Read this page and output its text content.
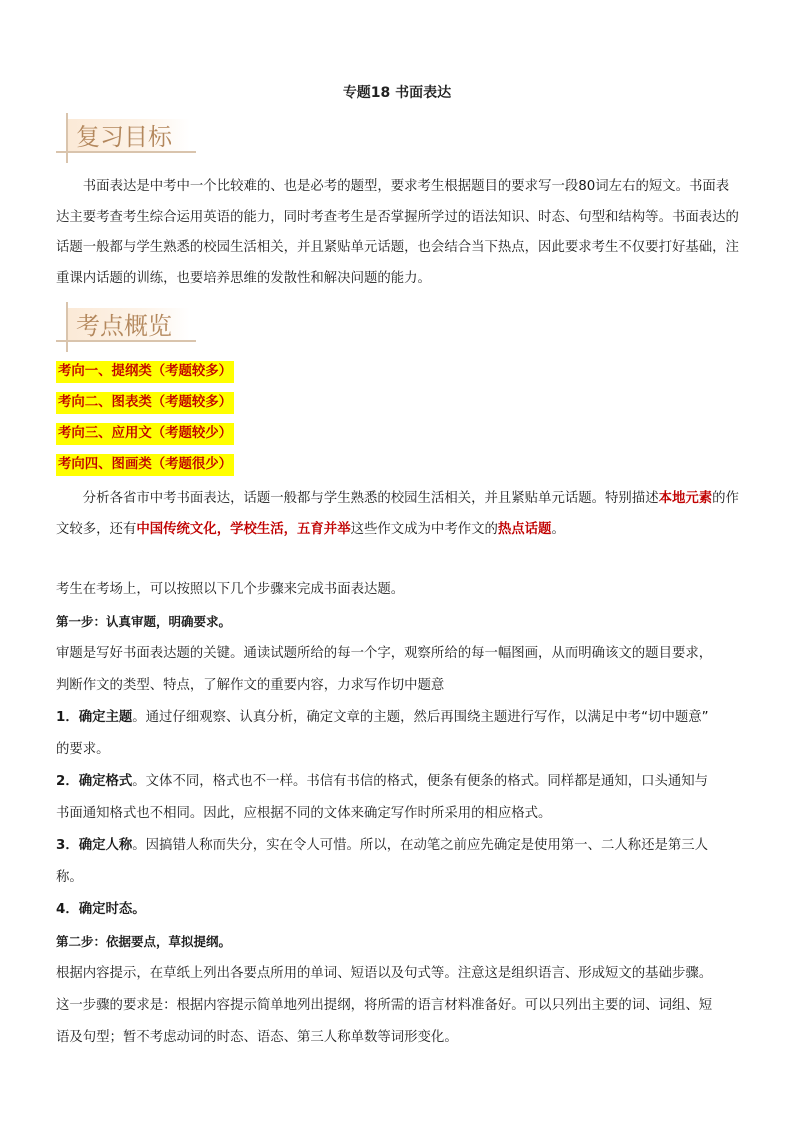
专题18 书面表达
复习目标
书面表达是中考中一个比较难的、也是必考的题型，要求考生根据题目的要求写一段80词左右的短文。书面表达主要考查考生综合运用英语的能力，同时考查考生是否掌握所学过的语法知识、时态、句型和结构等。书面表达的话题一般都与学生熟悉的校园生活相关，并且紧贴单元话题，也会结合当下热点，因此要求考生不仅要打好基础，注重课内话题的训练，也要培养思维的发散性和解决问题的能力。
考点概览
考向一、提纲类（考题较多）
考向二、图表类（考题较多）
考向三、应用文（考题较少）
考向四、图画类（考题很少）
分析各省市中考书面表达，话题一般都与学生熟悉的校园生活相关，并且紧贴单元话题。特别描述本地元素的作文较多，还有中国传统文化，学校生活，五育并举这些作文成为中考作文的热点话题。
考生在考场上，可以按照以下几个步骤来完成书面表达题。
第一步：认真审题，明确要求。
审题是写好书面表达题的关键。通读试题所给的每一个字，观察所给的每一幅图画，从而明确该文的题目要求，
判断作文的类型、特点，了解作文的重要内容，力求写作切中题意
1．确定主题。通过仔细观察、认真分析，确定文章的主题，然后再围绕主题进行写作，以满足中考“切中题意”
的要求。
2．确定格式。文体不同，格式也不一样。书信有书信的格式，便条有便条的格式。同样都是通知，口头通知与
书面通知格式也不相同。因此，应根据不同的文体来确定写作时所采用的相应格式。
3．确定人称。因搞错人称而失分，实在令人可惜。所以，在动笔之前应先确定是使用第一、二人称还是第三人
称。
4．确定时态。
第二步：依据要点，草拟提纲。
根据内容提示，在草纸上列出各要点所用的单词、短语以及句式等。注意这是组织语言、形成短文的基础步骤。
这一步骤的要求是：根据内容提示简单地列出提纲，将所需的语言材料准备好。可以只列出主要的词、词组、短
语及句型；暂不考虑动词的时态、语态、第三人称单数等词形变化。
